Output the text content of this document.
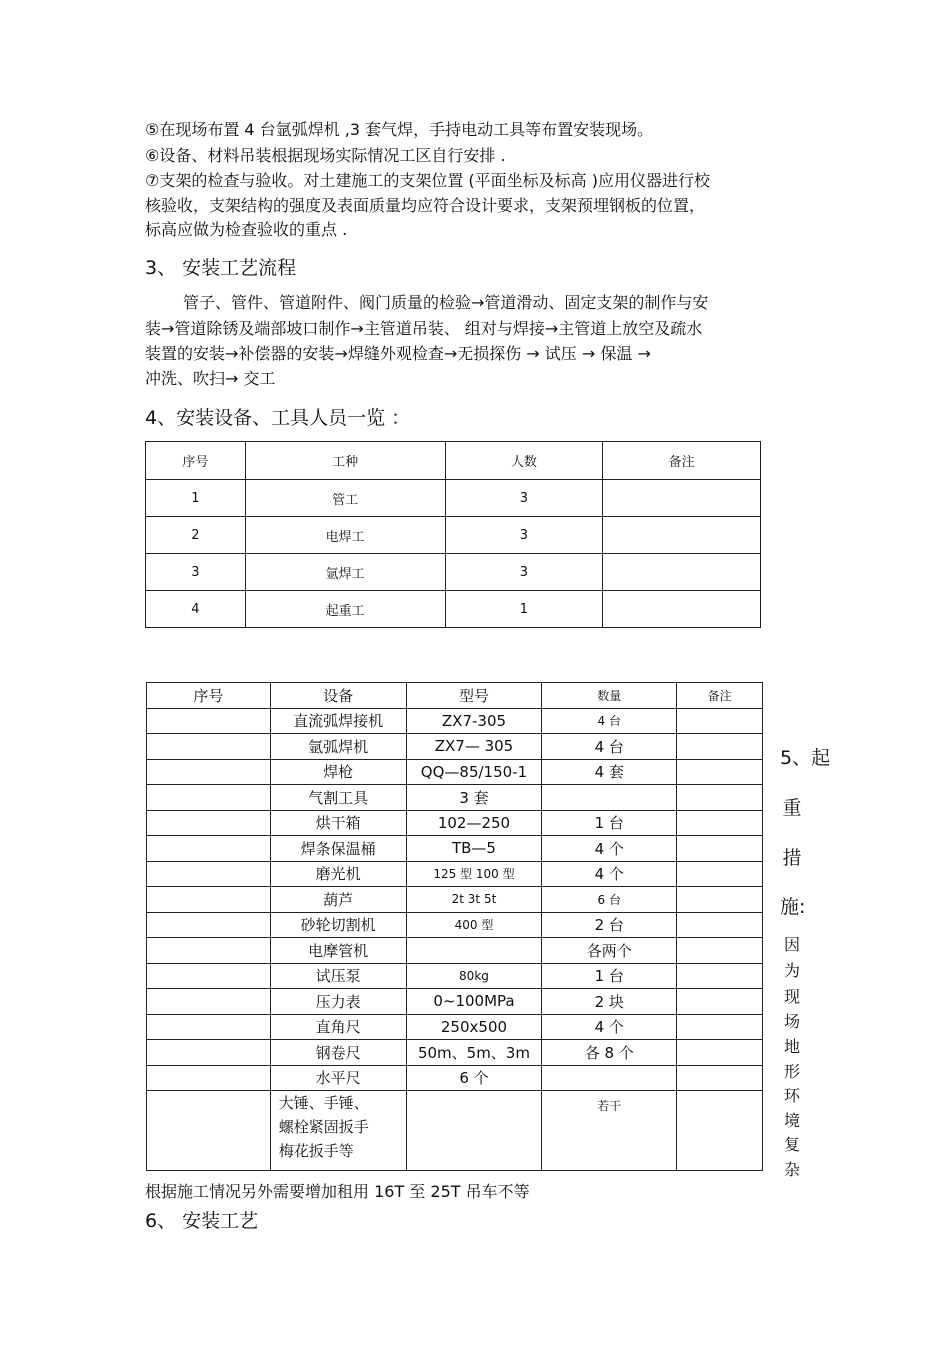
⑤在现场布置 4 台氩弧焊机 ,3 套气焊，手持电动工具等布置安装现场。
⑥设备、材料吊装根据现场实际情况工区自行安排 .
⑦支架的检查与验收。对土建施工的支架位置 (平面坐标及标高 )应用仪器进行校
核验收，支架结构的强度及表面质量均应符合设计要求，支架预埋钢板的位置，
标高应做为检查验收的重点 .
3、 安装工艺流程
管子、管件、管道附件、阀门质量的检验→管道滑动、固定支架的制作与安
装→管道除锈及端部坡口制作→主管道吊装、 组对与焊接→主管道上放空及疏水
装置的安装→补偿器的安装→焊缝外观检查→无损探伤 → 试压 → 保温 →
冲洗、吹扫→ 交工
4、安装设备、工具人员一览 ：
序号	工种	人数	备注
1	管工	3	
2	电焊工	3	
3	氩焊工	3	
4	起重工	1	
序号	设备	型号	数量	备注
	直流弧焊接机	ZX7-305	4 台	
	氩弧焊机	ZX7— 305	4 台	
	焊枪	QQ—85/150-1	4 套	
	气割工具	3 套		
	烘干箱	102—250	1 台	
	焊条保温桶	TB—5	4 个	
	磨光机	125 型 100 型	4 个	
	葫芦	2t 3t 5t	6 台	
	砂轮切割机	400 型	2 台	
	电摩管机		各两个	
	试压泵	80kg	1 台	
	压力表	0~100MPa	2 块	
	直角尺	250x500	4 个	
	钢卷尺	50m、5m、3m	各 8 个	
	水平尺	6 个		

	大锤、手锤、
螺栓紧固扳手
梅花扳手等		若干	
5、起
重
措
施:
因
为
现
场
地
形
环
境
复
杂
根据施工情况另外需要增加租用 16T 至 25T 吊车不等
6、 安装工艺
